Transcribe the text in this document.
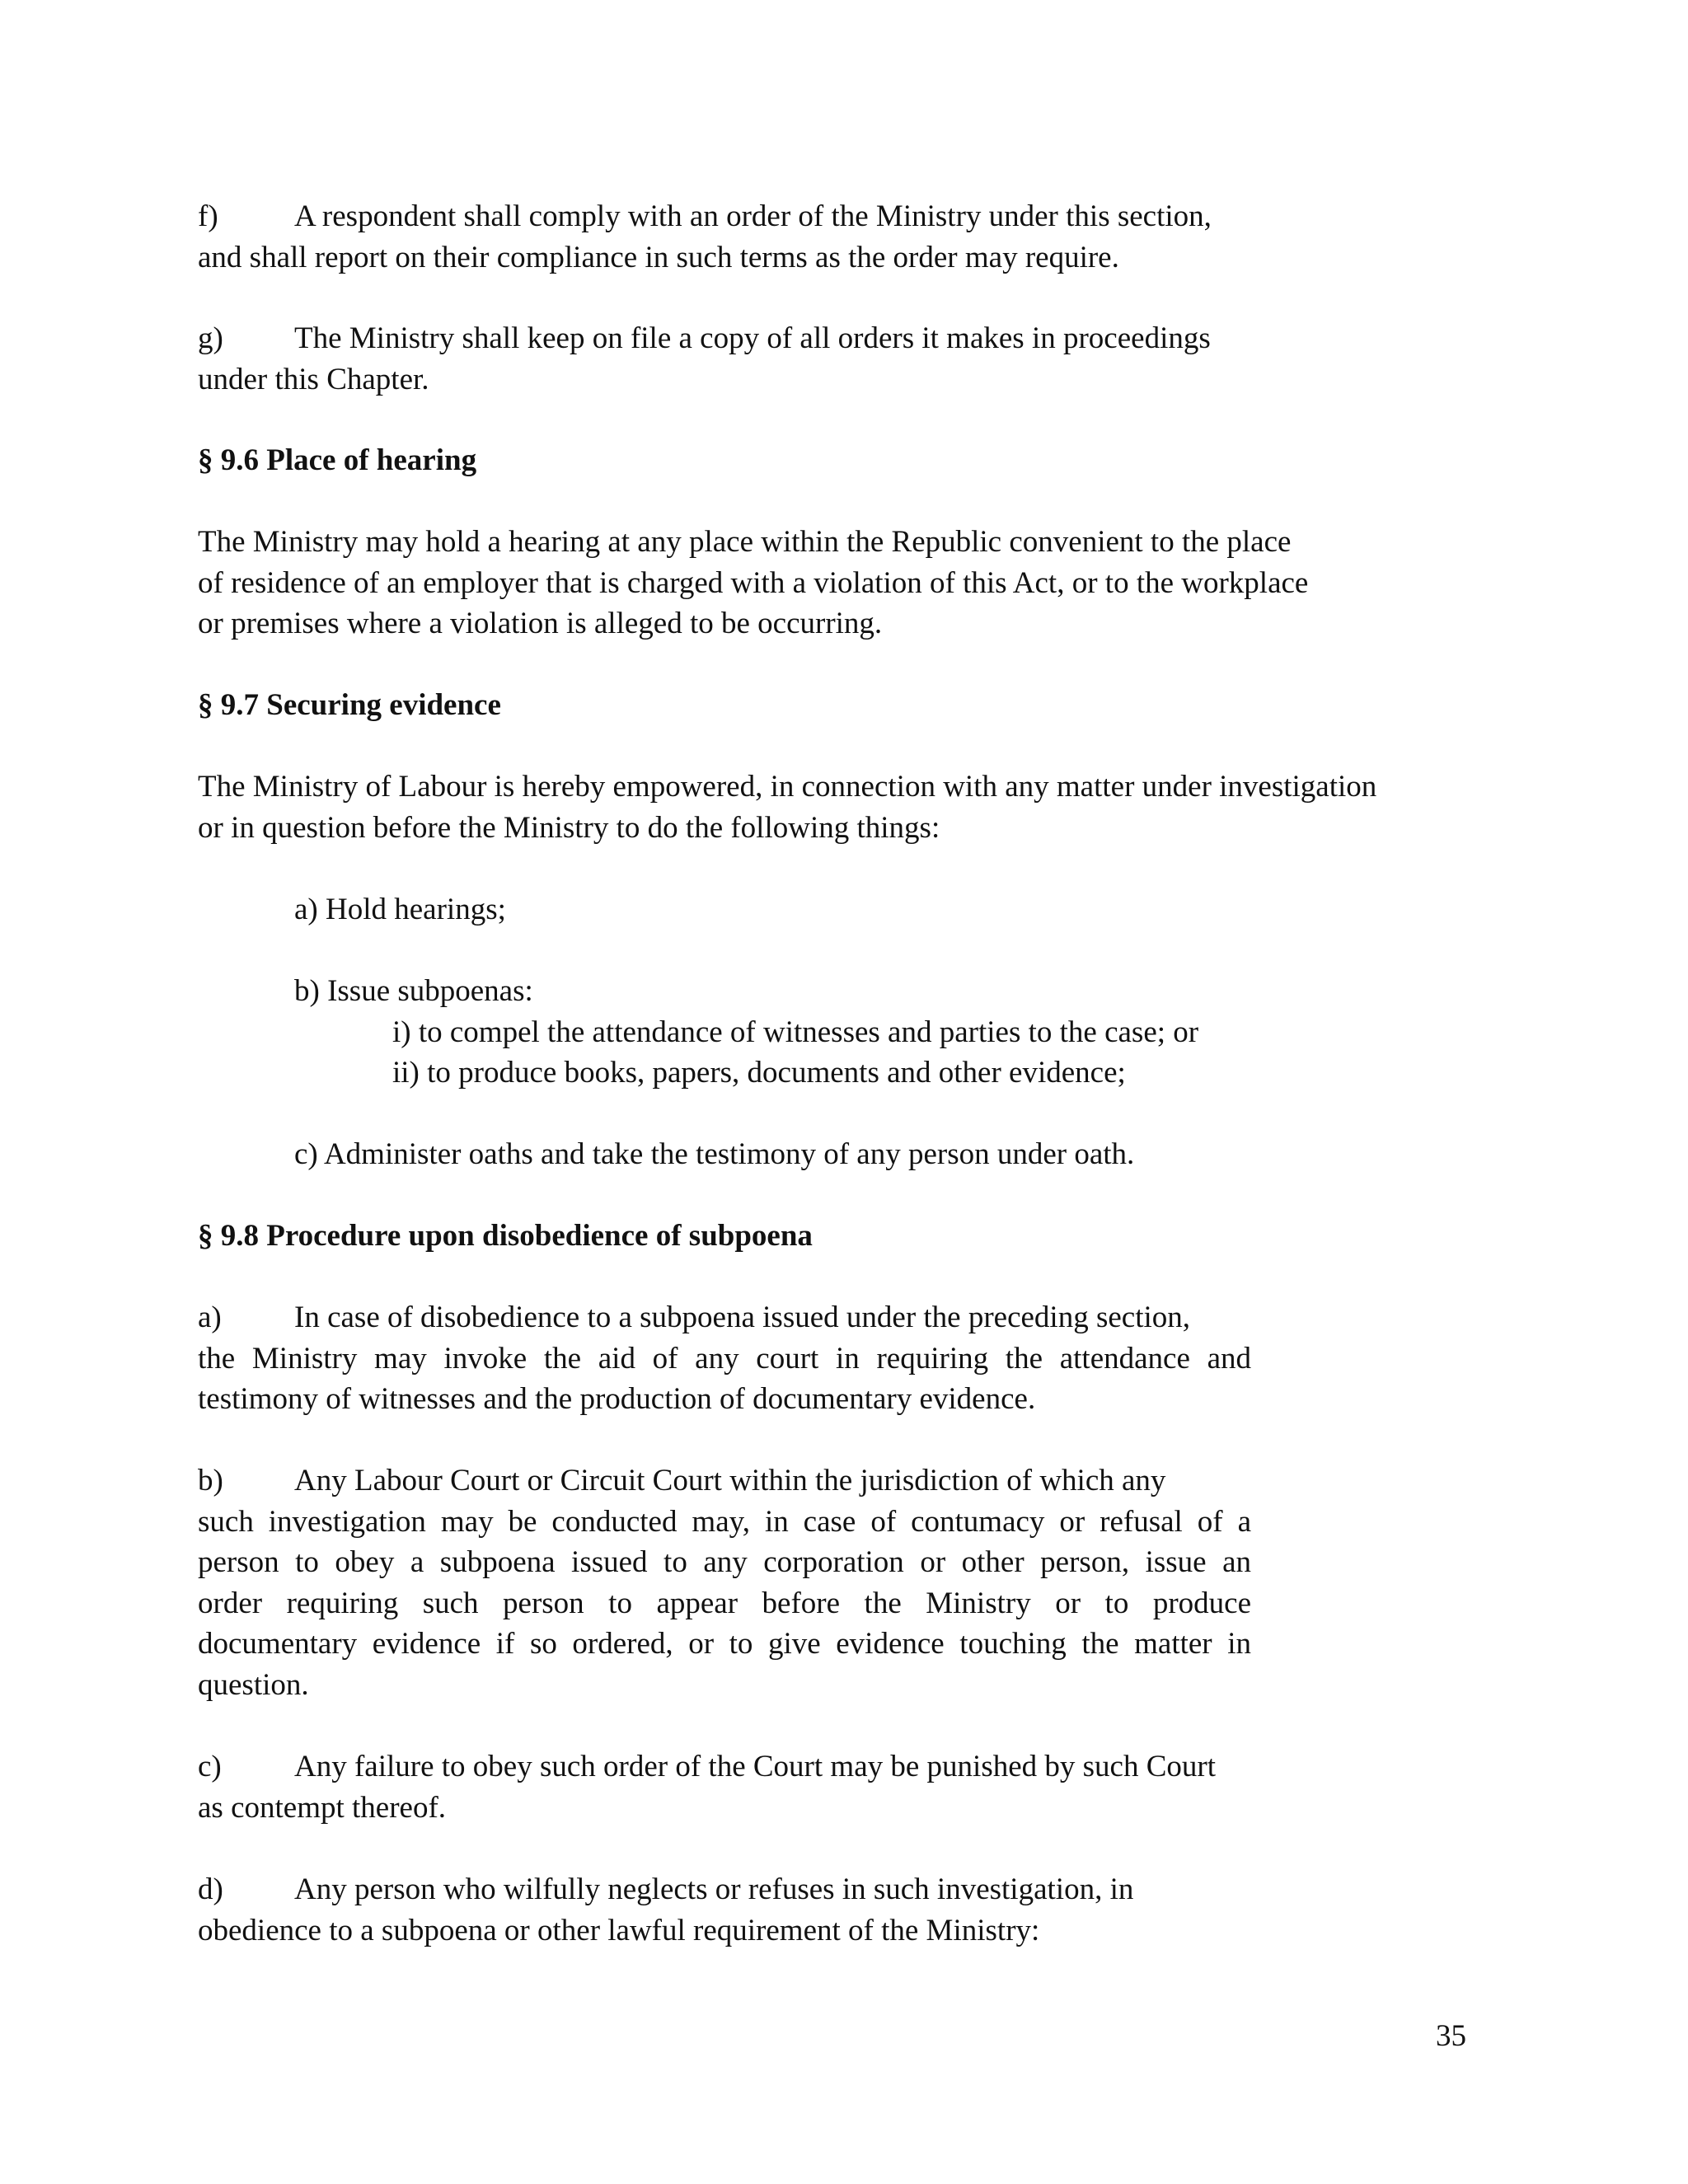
f) A respondent shall comply with an order of the Ministry under this section,
and shall report on their compliance in such terms as the order may require.
g) The Ministry shall keep on file a copy of all orders it makes in proceedings
under this Chapter.
§ 9.6 Place of hearing
The Ministry may hold a hearing at any place within the Republic convenient to the place
of residence of an employer that is charged with a violation of this Act, or to the workplace
or premises where a violation is alleged to be occurring.
§ 9.7 Securing evidence
The Ministry of Labour is hereby empowered, in connection with any matter under investigation
or in question before the Ministry to do the following things:
a) Hold hearings;
b) Issue subpoenas:
i) to compel the attendance of witnesses and parties to the case; or
ii) to produce books, papers, documents and other evidence;
c) Administer oaths and take the testimony of any person under oath.
§ 9.8 Procedure upon disobedience of subpoena
a) In case of disobedience to a subpoena issued under the preceding section,
the Ministry may invoke the aid of any court in requiring the attendance and
testimony of witnesses and the production of documentary evidence.
b) Any Labour Court or Circuit Court within the jurisdiction of which any
such investigation may be conducted may, in case of contumacy or refusal of a
person to obey a subpoena issued to any corporation or other person, issue an
order requiring such person to appear before the Ministry or to produce
documentary evidence if so ordered, or to give evidence touching the matter in
question.
c) Any failure to obey such order of the Court may be punished by such Court
as contempt thereof.
d) Any person who wilfully neglects or refuses in such investigation, in
obedience to a subpoena or other lawful requirement of the Ministry:
35
